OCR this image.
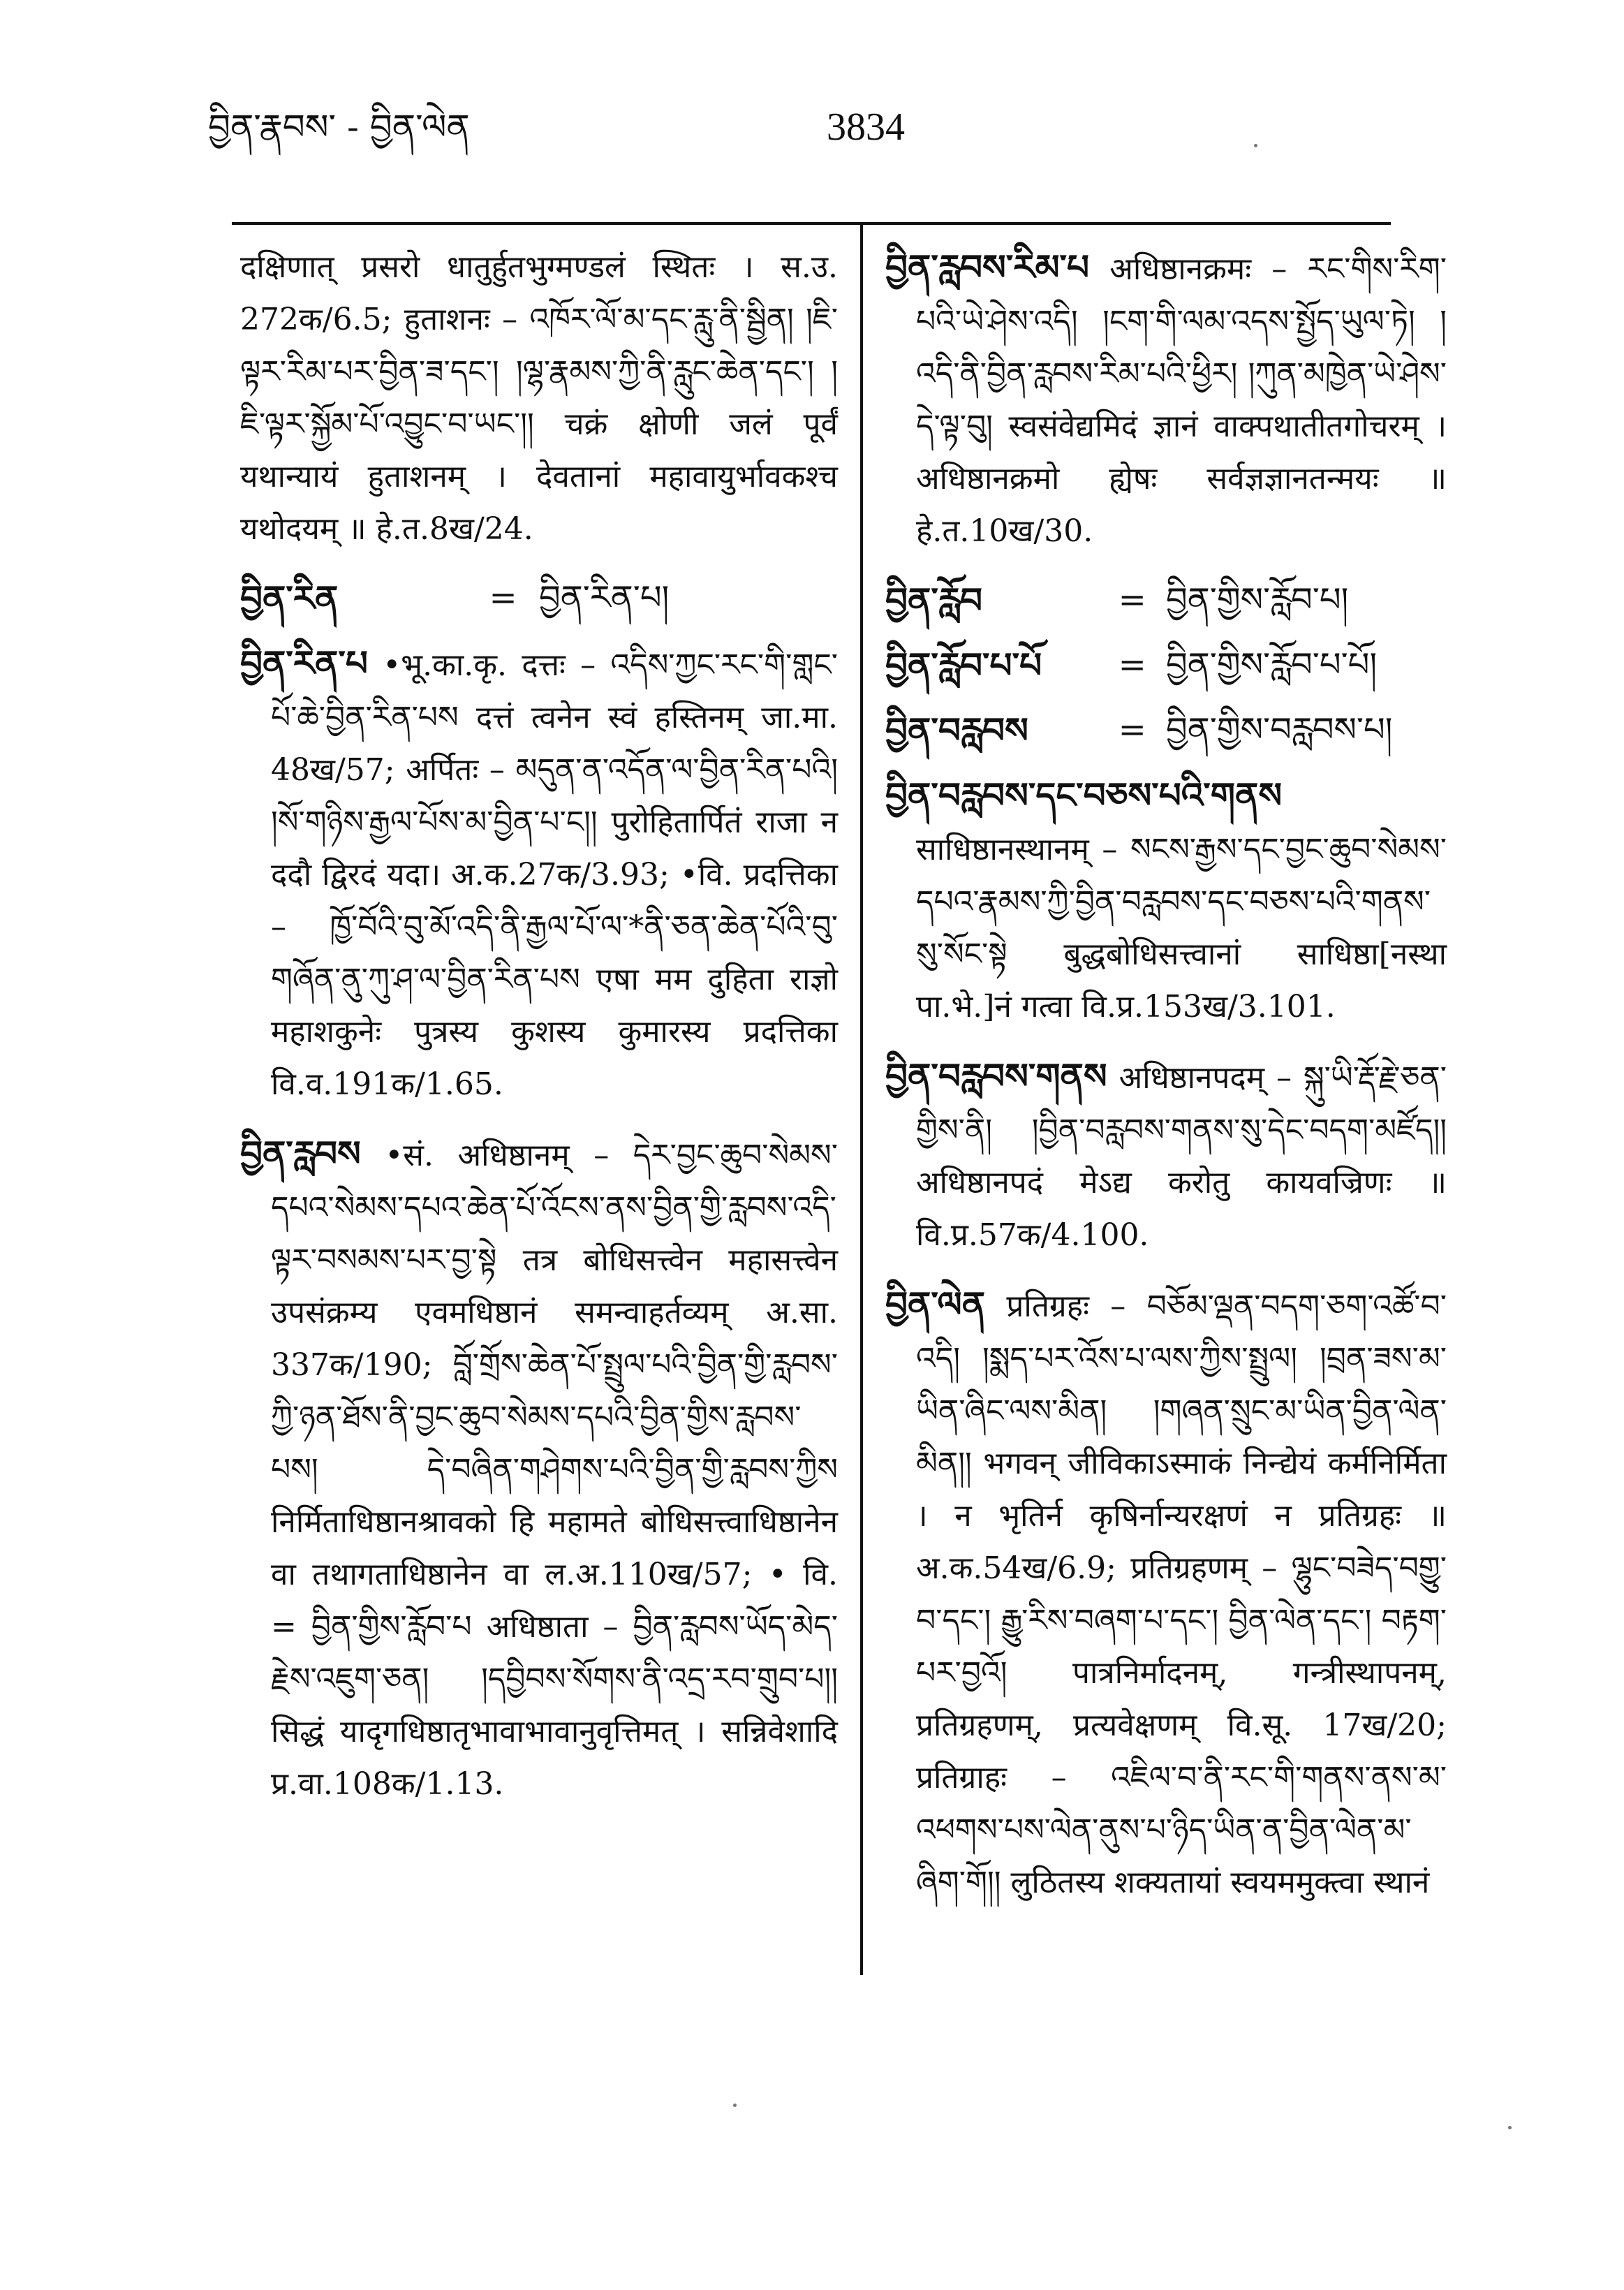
བྱིན་རྣབས་ - བྱིན་ལེན	3834

दक्षिणात् प्रसरो धातुर्हुतभुग्मण्डलं स्थितः । स.उ. 272क/6.5; हुताशनः – འཁོར་ལོ་མ་དང་རླུ་ནི་སྦྱིན། །ཇི་ལྟར་རིམ་པར་བྱིན་ཟ་དང་། །ལྷ་རྣམས་ཀྱི་ནི་རླུང་ཆེན་དང་། །ཇི་ལྟར་སྐྱོམ་པོ་འབྱུང་བ་ཡང་།། चक्रं क्षोणी जलं पूर्वं यथान्यायं हुताशनम् । देवतानां महावायुर्भावकश्च यथोदयम् ॥ हे.त.8ख/24.

བྱིན་རིན	= བྱིན་རིན་པ།

བྱིན་རིན་པ •भू.का.कृ. दत्तः – འདིས་ཀྱང་རང་གི་གླང་པོ་ཆེ་བྱིན་རིན་པས दत्तं त्वनेन स्वं हस्तिनम् जा.मा. 48ख/57; अर्पितः – མདུན་ན་འདོན་ལ་བྱིན་རིན་པའི། །སོ་གཉིས་རྒྱལ་པོས་མ་བྱིན་པ་ང།། पुरोहितार्पितं राजा न ददौ द्विरदं यदा। अ.क.27क/3.93; •वि. प्रदत्तिका – ཁྱོ་བོའི་བུ་མོ་འདི་ནི་རྒྱལ་པོ་ལ་*ནི་ཅན་ཆེན་པོའི་བུ་གཞོན་ནུ་ཀུ་ཤ་ལ་བྱིན་རིན་པས एषा मम दुहिता राज्ञो महाशकुनेः पुत्रस्य कुशस्य कुमारस्य प्रदत्तिका वि.व.191क/1.65.

བྱིན་རླབས •सं. अधिष्ठानम् – དེར་བྱང་ཆུབ་སེམས་དཔའ་སེམས་དཔའ་ཆེན་པོ་འོངས་ནས་བྱིན་གྱི་རླབས་འདི་ལྟར་བསམས་པར་བྱ་སྟེ तत्र बोधिसत्त्वेन महासत्त्वेन उपसंक्रम्य एवमधिष्ठानं समन्वाहर्तव्यम् अ.सा. 337क/190; བློ་གྲོས་ཆེན་པོ་སྤྲུལ་པའི་བྱིན་གྱི་རླབས་ཀྱི་ཉན་ཐོས་ནི་བྱང་ཆུབ་སེམས་དཔའི་བྱིན་གྱིས་རླབས་པས། དེ་བཞིན་གཤེགས་པའི་བྱིན་གྱི་རླབས་ཀྱིས निर्मिताधिष्ठानश्रावको हि महामते बोधिसत्त्वाधिष्ठानेन वा तथागताधिष्ठानेन वा ल.अ.110ख/57; • वि. = བྱིན་གྱིས་རློབ་པ अधिष्ठाता – བྱིན་རླབས་ཡོད་མེད་རྗེས་འཇུག་ཅན། །དབྱིབས་སོགས་ནི་འདྲ་རབ་གྲུབ་པ།། सिद्धं यादृगधिष्ठातृभावाभावानुवृत्तिमत् । सन्निवेशादि प्र.वा.108क/1.13.

བྱིན་རླབས་རིམ་པ अधिष्ठानक्रमः – རང་གིས་རིག་པའི་ཡེ་ཤེས་འདི། །ངག་གི་ལམ་འདས་སྤྱོད་ཡུལ་ཏེ། །འདི་ནི་བྱིན་རླབས་རིམ་པའི་ཕྱིར། །ཀུན་མཁྱེན་ཡེ་ཤེས་དེ་ལྟ་བུ། स्वसंवेद्यमिदं ज्ञानं वाक्पथातीतगोचरम् । अधिष्ठानक्रमो ह्येषः सर्वज्ञज्ञानतन्मयः ॥ हे.त.10ख/30.

བྱིན་རློབ	= བྱིན་གྱིས་རློབ་པ།
བྱིན་རློབ་པ་པོ	= བྱིན་གྱིས་རློབ་པ་པོ།
བྱིན་བརླབས	= བྱིན་གྱིས་བརླབས་པ།

བྱིན་བརླབས་དང་བཅས་པའི་གནས साधिष्ठानस्थानम् – སངས་རྒྱས་དང་བྱང་ཆུབ་སེམས་དཔའ་རྣམས་ཀྱི་བྱིན་བརླབས་དང་བཅས་པའི་གནས་སུ་སོང་སྟེ बुद्धबोधिसत्त्वानां साधिष्ठा[नस्था पा.भे.]नं गत्वा वि.प्र.153ख/3.101.

བྱིན་བརླབས་གནས अधिष्ठानपदम् – སྐུ་ཡི་རྡོ་རྗེ་ཅན་གྱིས་ནི། །བྱིན་བརླབས་གནས་སུ་དེང་བདག་མཛོད།། अधिष्ठानपदं मेऽद्य करोतु कायवज्रिणः ॥ वि.प्र.57क/4.100.

བྱིན་ལེན प्रतिग्रहः – བཅོམ་ལྡན་བདག་ཅག་འཚོ་བ་འདི། །སྨད་པར་འོས་པ་ལས་ཀྱིས་སྤྲུལ། །བྲན་ཟས་མ་ཡིན་ཞིང་ལས་མིན། །གཞན་སྲུང་མ་ཡིན་བྱིན་ལེན་མིན།། भगवन् जीविकाऽस्माकं निन्द्येयं कर्मनिर्मिता । न भृतिर्न कृषिर्नान्यरक्षणं न प्रतिग्रहः ॥ अ.क.54ख/6.9; प्रतिग्रहणम् – ལྷུང་བཟེད་བགྱུ་བ་དང་། རྒྱུ་རིས་བཞག་པ་དང་། བྱིན་ལེན་དང་། བརྟག་པར་བྱའོ། पात्रनिर्मादनम्, गन्त्रीस्थापनम्, प्रतिग्रहणम्, प्रत्यवेक्षणम् वि.सू. 17ख/20; प्रतिग्राहः – འཇིལ་བ་ནི་རང་གི་གནས་ནས་མ་འཕགས་པས་ལེན་ནུས་པ་ཉིད་ཡིན་ན་བྱིན་ལེན་མ་ཞིག་གོ།། लुठितस्य शक्यतायां स्वयममुक्त्वा स्थानं
